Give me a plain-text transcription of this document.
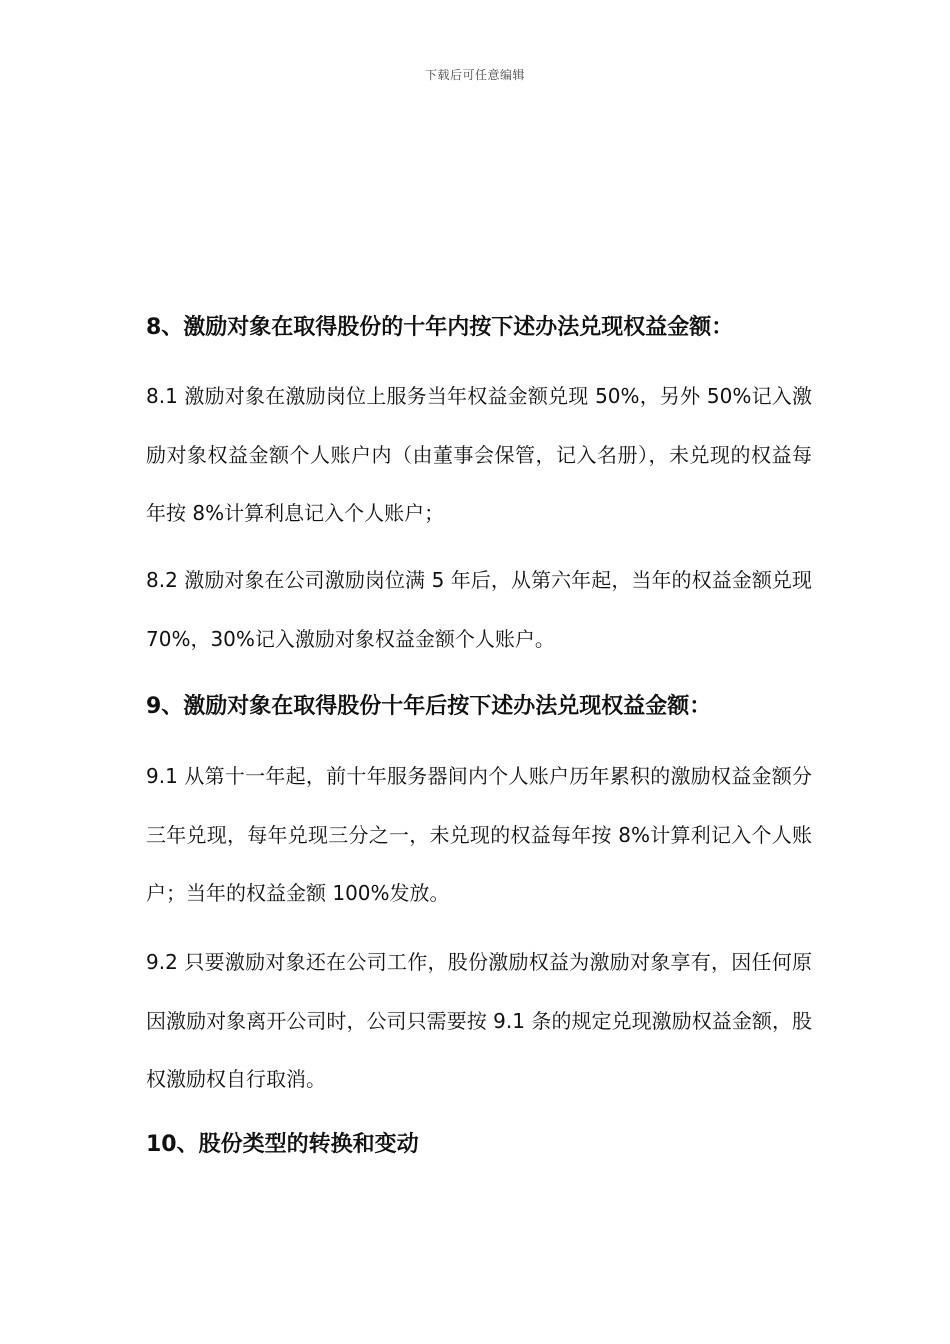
下载后可任意编辑
8、激励对象在取得股份的十年内按下述办法兑现权益金额：
8.1 激励对象在激励岗位上服务当年权益金额兑现 50%，另外 50%记入激励对象权益金额个人账户内（由董事会保管，记入名册），未兑现的权益每年按 8%计算利息记入个人账户；
8.2 激励对象在公司激励岗位满 5 年后，从第六年起，当年的权益金额兑现 70%，30%记入激励对象权益金额个人账户。
9、激励对象在取得股份十年后按下述办法兑现权益金额：
9.1 从第十一年起，前十年服务器间内个人账户历年累积的激励权益金额分三年兑现，每年兑现三分之一，未兑现的权益每年按 8%计算利记入个人账户；当年的权益金额 100%发放。
9.2 只要激励对象还在公司工作，股份激励权益为激励对象享有，因任何原因激励对象离开公司时，公司只需要按 9.1 条的规定兑现激励权益金额，股权激励权自行取消。
10、股份类型的转换和变动
